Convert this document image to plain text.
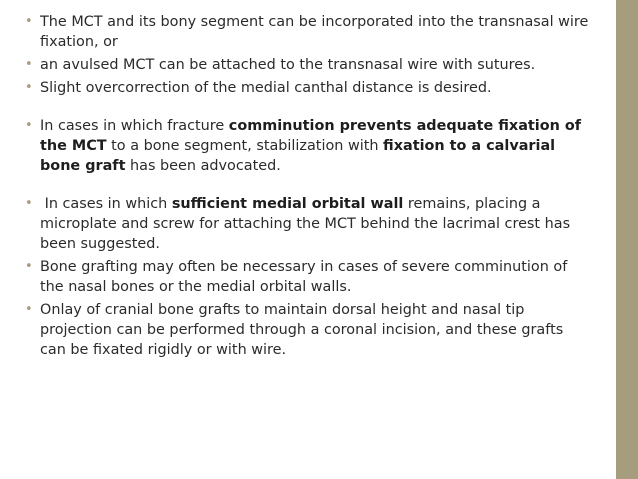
• The MCT and its bony segment can be incorporated into the transnasal wire fixation, or
• an avulsed MCT can be attached to the transnasal wire with sutures.
• Slight overcorrection of the medial canthal distance is desired.
• In cases in which fracture comminution prevents adequate fixation of the MCT to a bone segment, stabilization with fixation to a calvarial bone graft has been advocated.
• In cases in which sufficient medial orbital wall remains, placing a microplate and screw for attaching the MCT behind the lacrimal crest has been suggested.
• Bone grafting may often be necessary in cases of severe comminution of the nasal bones or the medial orbital walls.
• Onlay of cranial bone grafts to maintain dorsal height and nasal tip projection can be performed through a coronal incision, and these grafts can be fixated rigidly or with wire.
